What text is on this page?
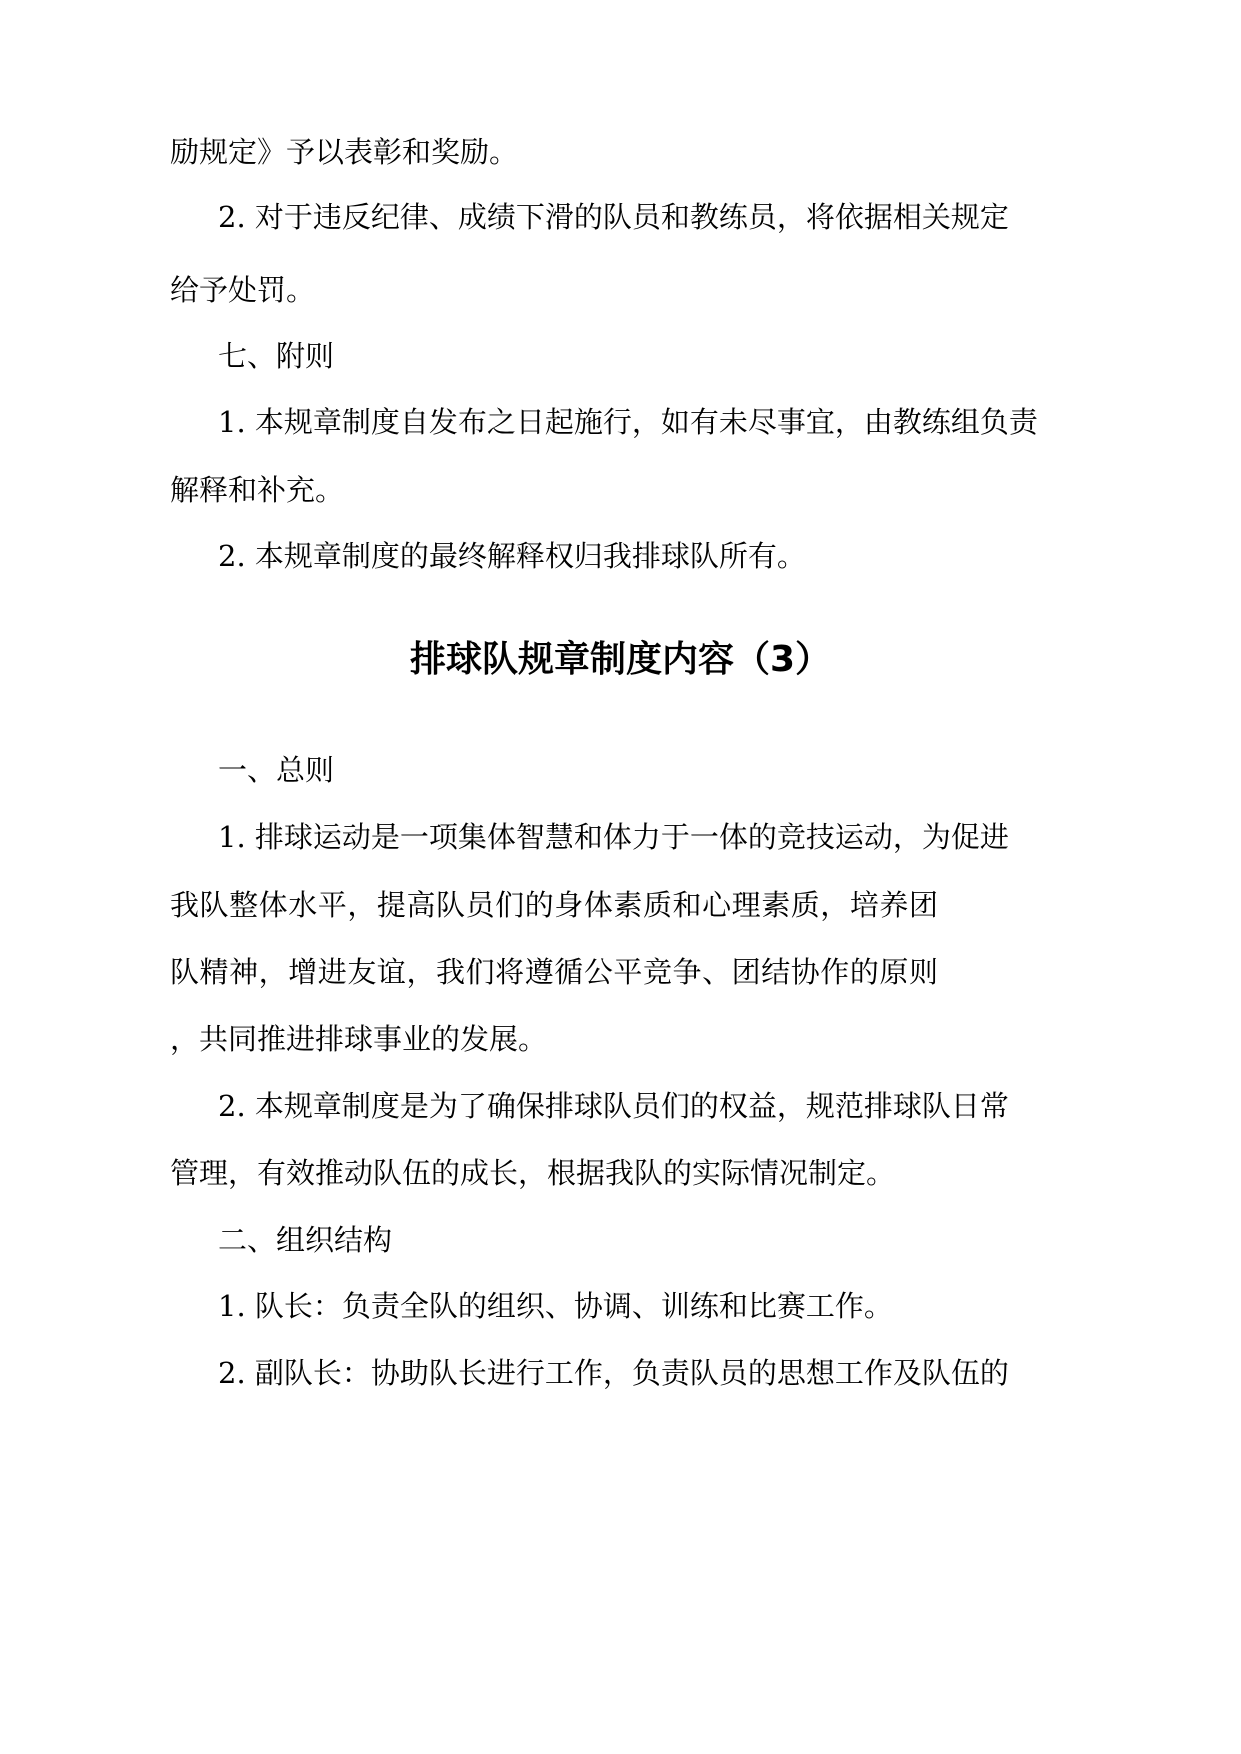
排球队规章制度内容（3）

励规定》予以表彰和奖励。

2. 对于违反纪律、成绩下滑的队员和教练员，将依据相关规定

给予处罚。

七、附则

1. 本规章制度自发布之日起施行，如有未尽事宜，由教练组负责

解释和补充。

2. 本规章制度的最终解释权归我排球队所有。

一、总则

1. 排球运动是一项集体智慧和体力于一体的竞技运动，为促进

我队整体水平，提高队员们的身体素质和心理素质，培养团

队精神，增进友谊，我们将遵循公平竞争、团结协作的原则

，共同推进排球事业的发展。

2. 本规章制度是为了确保排球队员们的权益，规范排球队日常

管理，有效推动队伍的成长，根据我队的实际情况制定。

二、组织结构

1. 队长：负责全队的组织、协调、训练和比赛工作。

2. 副队长：协助队长进行工作，负责队员的思想工作及队伍的
